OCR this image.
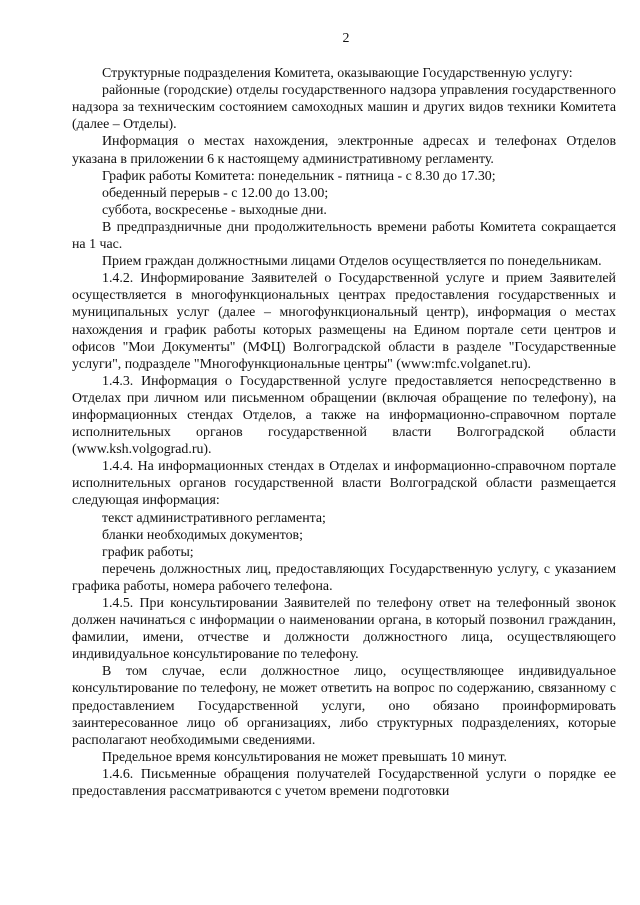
2

Структурные подразделения Комитета, оказывающие Государственную услугу:

районные (городские) отделы государственного надзора управления государственного надзора за техническим состоянием самоходных машин и других видов техники Комитета (далее – Отделы).

Информация о местах нахождения, электронные адресах и телефонах Отделов указана в приложении 6 к настоящему административному регламенту.

График работы Комитета: понедельник - пятница - с 8.30 до 17.30;

обеденный перерыв - с 12.00 до 13.00;

суббота, воскресенье - выходные дни.

В предпраздничные дни продолжительность времени работы Комитета сокращается на 1 час.

Прием граждан должностными лицами Отделов осуществляется по понедельникам.

1.4.2. Информирование Заявителей о Государственной услуге и прием Заявителей осуществляется в многофункциональных центрах предоставления государственных и муниципальных услуг (далее – многофункциональный центр), информация о местах нахождения и график работы которых размещены на Едином портале сети центров и офисов "Мои Документы" (МФЦ) Волгоградской области в разделе "Государственные услуги", подразделе "Многофункциональные центры" (www:mfc.volganet.ru).

1.4.3. Информация о Государственной услуге предоставляется непосредственно в Отделах при личном или письменном обращении (включая обращение по телефону), на информационных стендах Отделов, а также на информационно-справочном портале исполнительных органов государственной власти Волгоградской области (www.ksh.volgograd.ru).

1.4.4. На информационных стендах в Отделах и информационно-справочном портале исполнительных органов государственной власти Волгоградской области размещается следующая информация:

текст административного регламента;

бланки необходимых документов;

график работы;

перечень должностных лиц, предоставляющих Государственную услугу, с указанием графика работы, номера рабочего телефона.

1.4.5. При консультировании Заявителей по телефону ответ на телефонный звонок должен начинаться с информации о наименовании органа, в который позвонил гражданин, фамилии, имени, отчестве и должности должностного лица, осуществляющего индивидуальное консультирование по телефону.

В том случае, если должностное лицо, осуществляющее индивидуальное консультирование по телефону, не может ответить на вопрос по содержанию, связанному с предоставлением Государственной услуги, оно обязано проинформировать заинтересованное лицо об организациях, либо структурных подразделениях, которые располагают необходимыми сведениями.

Предельное время консультирования не может превышать 10 минут.

1.4.6. Письменные обращения получателей Государственной услуги о порядке ее предоставления рассматриваются с учетом времени подготовки
